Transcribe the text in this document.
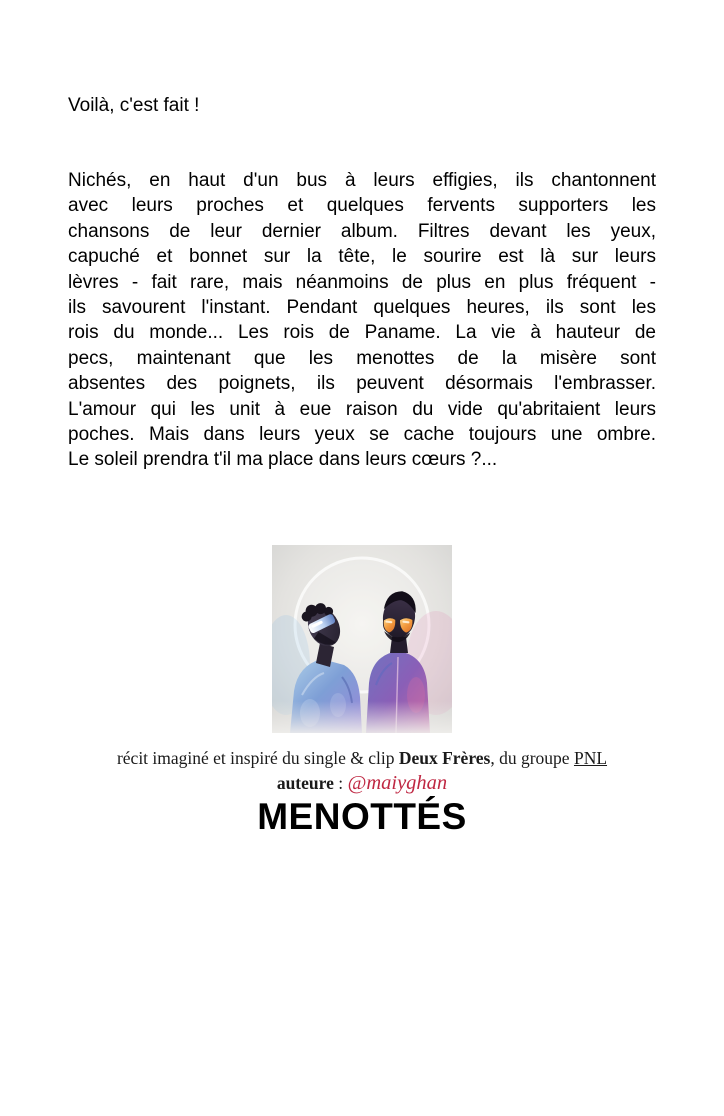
Voilà, c'est fait !
Nichés, en haut d'un bus à leurs effigies, ils chantonnent
avec leurs proches et quelques fervents supporters les
chansons de leur dernier album. Filtres devant les yeux,
capuché et bonnet sur la tête, le sourire est là sur leurs
lèvres - fait rare, mais néanmoins de plus en plus fréquent -
ils savourent l'instant. Pendant quelques heures, ils sont les
rois du monde... Les rois de Paname. La vie à hauteur de
pecs, maintenant que les menottes de la misère sont
absentes des poignets, ils peuvent désormais l'embrasser.
L'amour qui les unit à eue raison du vide qu'abritaient leurs
poches. Mais dans leurs yeux se cache toujours une ombre.
Le soleil prendra t'il ma place dans leurs cœurs ?...
récit imaginé et inspiré du single & clip Deux Frères, du groupe PNL
auteure : @maiyghan
MENOTTÉS
